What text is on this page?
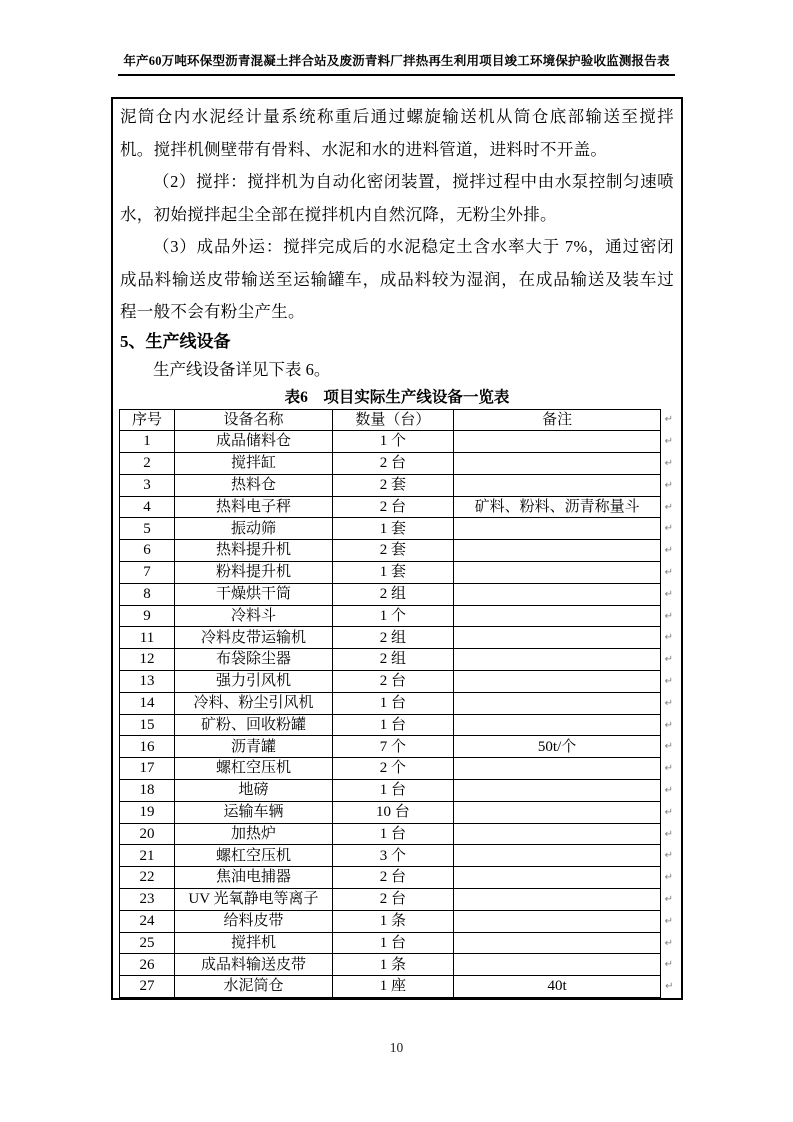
年产60万吨环保型沥青混凝土拌合站及废沥青料厂拌热再生利用项目竣工环境保护验收监测报告表

泥筒仓内水泥经计量系统称重后通过螺旋输送机从筒仓底部输送至搅拌机。搅拌机侧壁带有骨料、水泥和水的进料管道，进料时不开盖。

（2）搅拌：搅拌机为自动化密闭装置，搅拌过程中由水泵控制匀速喷水，初始搅拌起尘全部在搅拌机内自然沉降，无粉尘外排。

（3）成品外运：搅拌完成后的水泥稳定土含水率大于 7%，通过密闭成品料输送皮带输送至运输罐车，成品料较为湿润，在成品输送及装车过程一般不会有粉尘产生。

5、生产线设备

生产线设备详见下表 6。

表6　项目实际生产线设备一览表
序号	设备名称	数量（台）	备注	↵
1	成品储料仓	1 个		↵
2	搅拌缸	2 台		↵
3	热料仓	2 套		↵
4	热料电子秤	2 台	矿料、粉料、沥青称量斗	↵
5	振动筛	1 套		↵
6	热料提升机	2 套		↵
7	粉料提升机	1 套		↵
8	干燥烘干筒	2 组		↵
9	冷料斗	1 个		↵
11	冷料皮带运输机	2 组		↵
12	布袋除尘器	2 组		↵
13	强力引风机	2 台		↵
14	冷料、粉尘引风机	1 台		↵
15	矿粉、回收粉罐	1 台		↵
16	沥青罐	7 个	50t/个	↵
17	螺杠空压机	2 个		↵
18	地磅	1 台		↵
19	运输车辆	10 台		↵
20	加热炉	1 台		↵
21	螺杠空压机	3 个		↵
22	焦油电捕器	2 台		↵
23	UV 光氧静电等离子	2 台		↵
24	给料皮带	1 条		↵
25	搅拌机	1 台		↵
26	成品料输送皮带	1 条		↵
27	水泥筒仓	1 座	40t	↵
10
